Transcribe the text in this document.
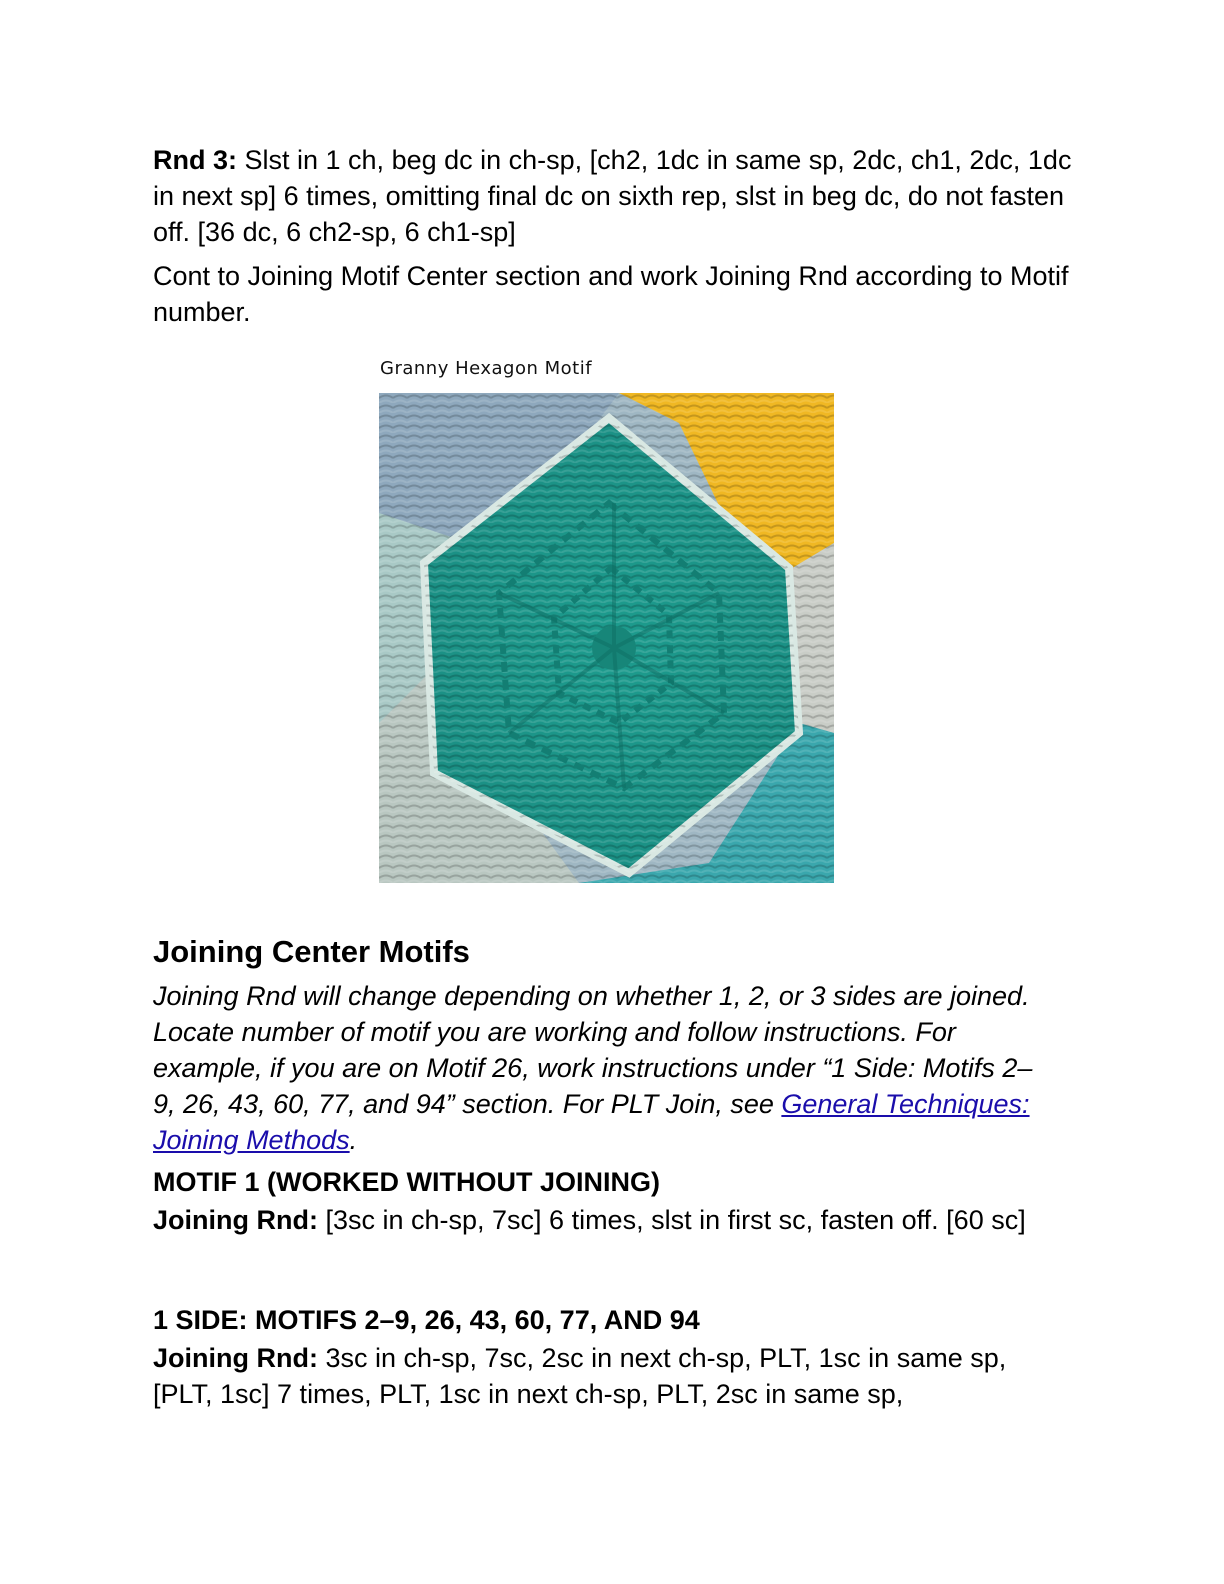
Rnd 3: Slst in 1 ch, beg dc in ch-sp, [ch2, 1dc in same sp, 2dc, ch1, 2dc, 1dc in next sp] 6 times, omitting final dc on sixth rep, slst in beg dc, do not fasten off. [36 dc, 6 ch2-sp, 6 ch1-sp]

Cont to Joining Motif Center section and work Joining Rnd according to Motif number.

Granny Hexagon Motif
Joining Center Motifs

Joining Rnd will change depending on whether 1, 2, or 3 sides are joined. Locate number of motif you are working and follow instructions. For example, if you are on Motif 26, work instructions under “1 Side: Motifs 2–9, 26, 43, 60, 77, and 94” section. For PLT Join, see General Techniques: Joining Methods.

MOTIF 1 (WORKED WITHOUT JOINING)

Joining Rnd: [3sc in ch-sp, 7sc] 6 times, slst in first sc, fasten off. [60 sc]

1 SIDE: MOTIFS 2–9, 26, 43, 60, 77, AND 94

Joining Rnd: 3sc in ch-sp, 7sc, 2sc in next ch-sp, PLT, 1sc in same sp, [PLT, 1sc] 7 times, PLT, 1sc in next ch-sp, PLT, 2sc in same sp,
